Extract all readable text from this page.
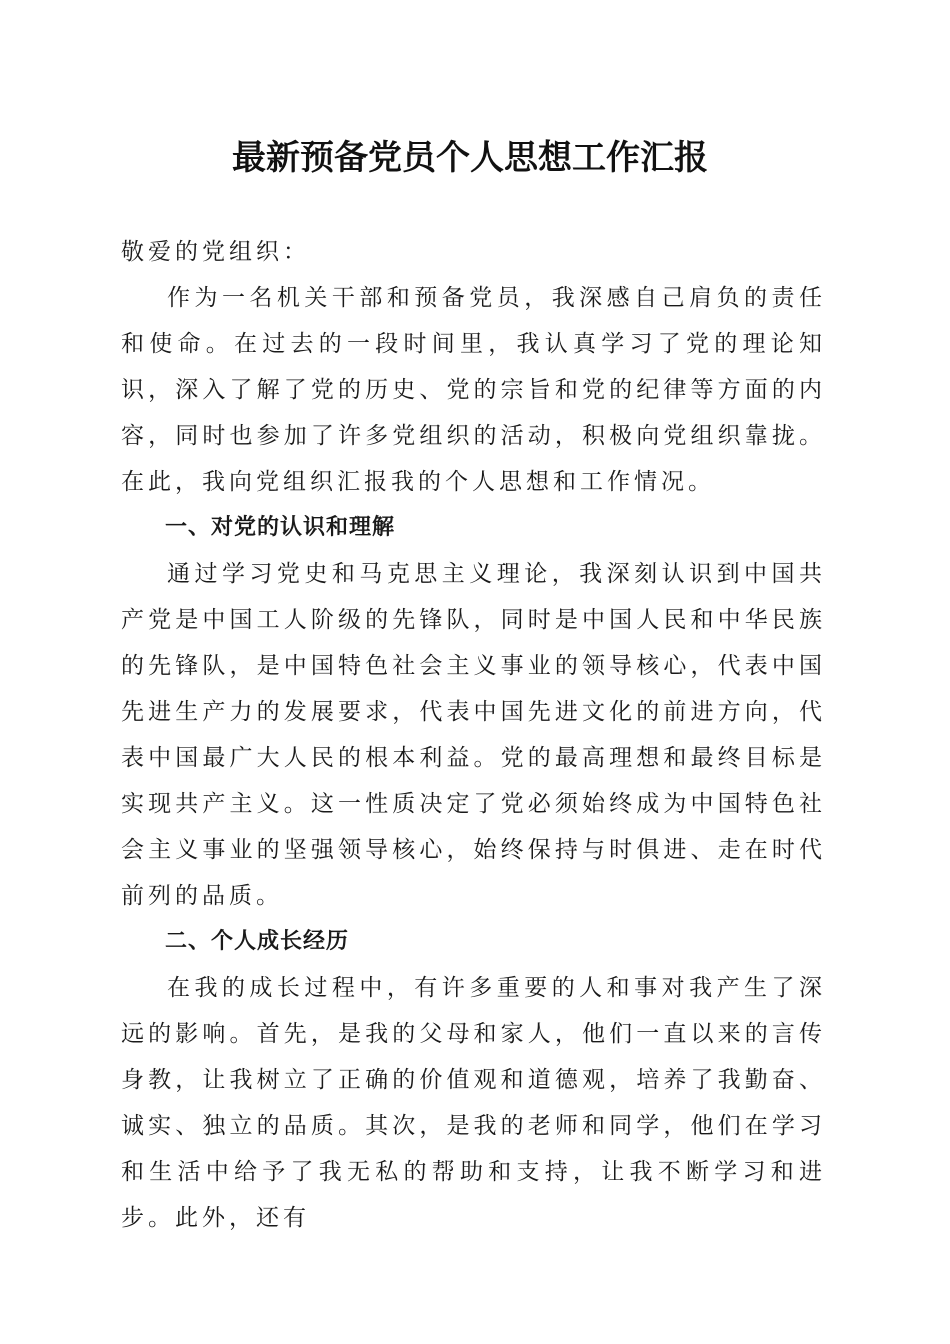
最新预备党员个人思想工作汇报

敬爱的党组织：

作为一名机关干部和预备党员，我深感自己肩负的责任和使命。在过去的一段时间里，我认真学习了党的理论知识，深入了解了党的历史、党的宗旨和党的纪律等方面的内容，同时也参加了许多党组织的活动，积极向党组织靠拢。在此，我向党组织汇报我的个人思想和工作情况。

一、对党的认识和理解

通过学习党史和马克思主义理论，我深刻认识到中国共产党是中国工人阶级的先锋队，同时是中国人民和中华民族的先锋队，是中国特色社会主义事业的领导核心，代表中国先进生产力的发展要求，代表中国先进文化的前进方向，代表中国最广大人民的根本利益。党的最高理想和最终目标是实现共产主义。这一性质决定了党必须始终成为中国特色社会主义事业的坚强领导核心，始终保持与时俱进、走在时代前列的品质。

二、个人成长经历

在我的成长过程中，有许多重要的人和事对我产生了深远的影响。首先，是我的父母和家人，他们一直以来的言传身教，让我树立了正确的价值观和道德观，培养了我勤奋、诚实、独立的品质。其次，是我的老师和同学，他们在学习和生活中给予了我无私的帮助和支持，让我不断学习和进步。此外，还有
